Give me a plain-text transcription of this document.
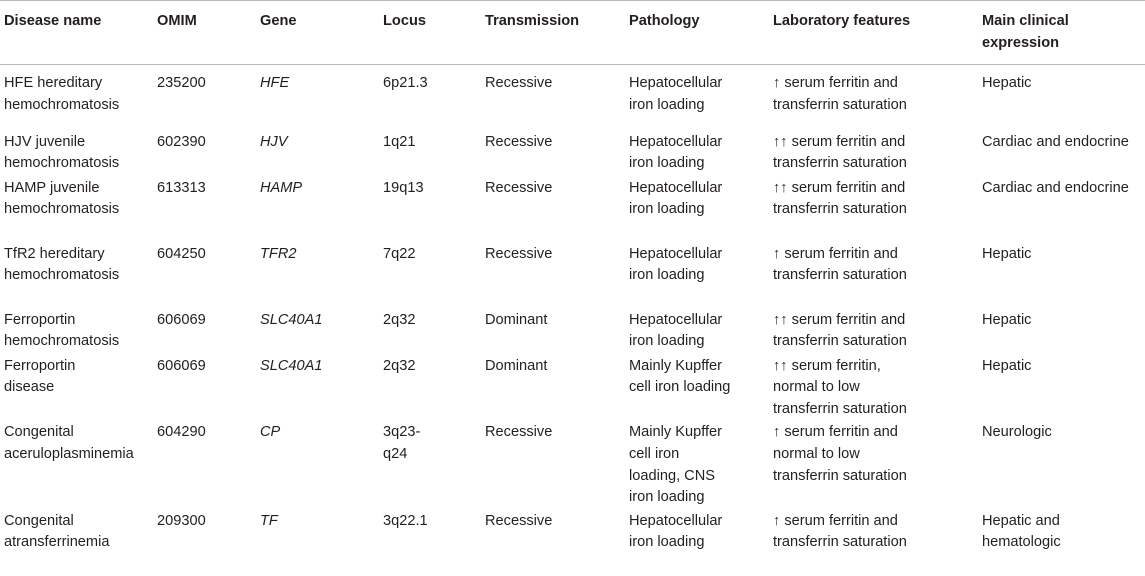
Disease name	OMIM	Gene	Locus	Transmission	Pathology	Laboratory features	Main clinical expression
HFE hereditary hemochromatosis	235200	HFE	6p21.3	Recessive	Hepatocellular iron loading	↑ serum ferritin and transferrin saturation	Hepatic
HJV juvenile hemochromatosis	602390	HJV	1q21	Recessive	Hepatocellular iron loading	↑↑ serum ferritin and transferrin saturation	Cardiac and endocrine
HAMP juvenile hemochromatosis	613313	HAMP	19q13	Recessive	Hepatocellular iron loading	↑↑ serum ferritin and transferrin saturation	Cardiac and endocrine
TfR2 hereditary hemochromatosis	604250	TFR2	7q22	Recessive	Hepatocellular iron loading	↑ serum ferritin and transferrin saturation	Hepatic
Ferroportin hemochromatosis	606069	SLC40A1	2q32	Dominant	Hepatocellular iron loading	↑↑ serum ferritin and transferrin saturation	Hepatic
Ferroportin disease	606069	SLC40A1	2q32	Dominant	Mainly Kupffer cell iron loading	↑↑ serum ferritin, normal to low transferrin saturation	Hepatic
Congenital aceruloplasminemia	604290	CP	3q23-q24	Recessive	Mainly Kupffer cell iron loading, CNS iron loading	↑ serum ferritin and normal to low transferrin saturation	Neurologic
Congenital atransferrinemia	209300	TF	3q22.1	Recessive	Hepatocellular iron loading	↑ serum ferritin and transferrin saturation	Hepatic and hematologic
